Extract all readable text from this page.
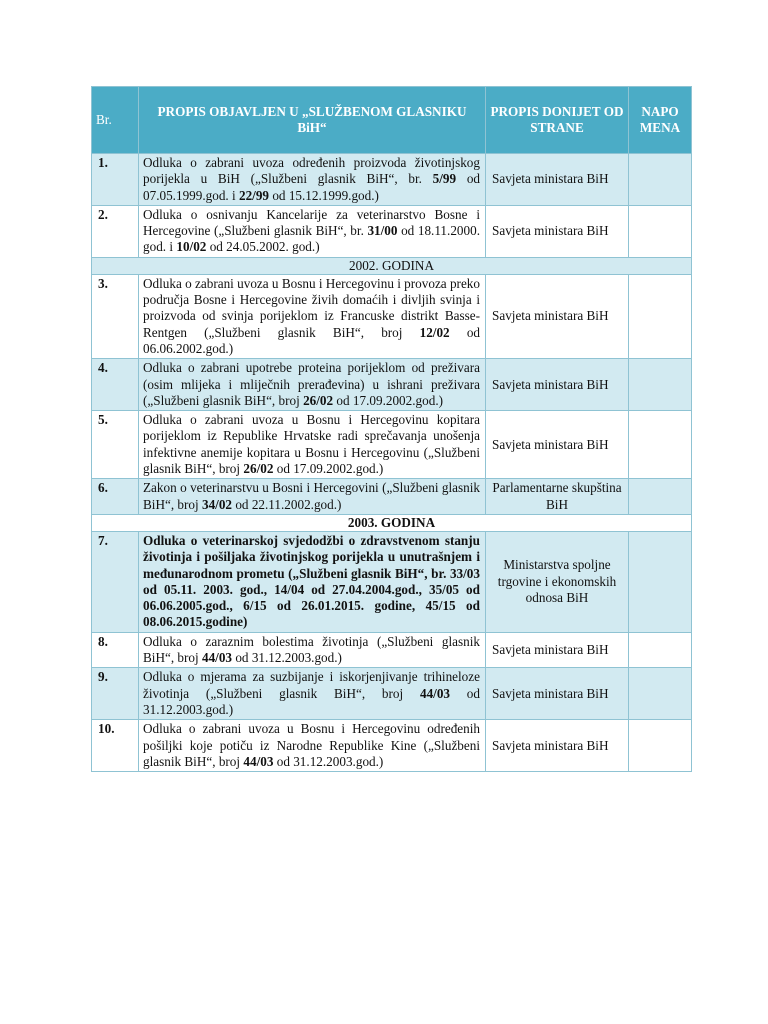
Br.	PROPIS OBJAVLJEN U „SLUŽBENOM GLASNIKU BiH“	PROPIS DONIJET OD STRANE	NAPO MENA
1.	Odluka o zabrani uvoza određenih proizvoda životinjskog porijekla u BiH („Službeni glasnik BiH“, br. 5/99 od 07.05.1999.god. i 22/99 od 15.12.1999.god.)	Savjeta ministara BiH	
2.	Odluka o osnivanju Kancelarije za veterinarstvo Bosne i Hercegovine („Službeni glasnik BiH“, br. 31/00 od 18.11.2000. god. i 10/02 od 24.05.2002. god.)	Savjeta ministara BiH	
2002. GODINA			
3.	Odluka o zabrani uvoza u Bosnu i Hercegovinu i provoza preko područja Bosne i Hercegovine živih domaćih i divljih svinja i proizvoda od svinja porijeklom iz Francuske distrikt Basse-Rentgen („Službeni glasnik BiH“, broj 12/02 od 06.06.2002.god.)	Savjeta ministara BiH	
4.	Odluka o zabrani upotrebe proteina porijeklom od preživara (osim mlijeka i mliječnih prerađevina) u ishrani preživara („Službeni glasnik BiH“, broj 26/02 od 17.09.2002.god.)	Savjeta ministara BiH	
5.	Odluka o zabrani uvoza u Bosnu i Hercegovinu kopitara porijeklom iz Republike Hrvatske radi sprečavanja unošenja infektivne anemije kopitara u Bosnu i Hercegovinu („Službeni glasnik BiH“, broj 26/02 od 17.09.2002.god.)	Savjeta ministara BiH	
6.	Zakon o veterinarstvu u Bosni i Hercegovini („Službeni glasnik BiH“, broj 34/02 od 22.11.2002.god.)	Parlamentarne skupština BiH	
2003. GODINA			
7.	Odluka o veterinarskoj svjedodžbi o zdravstvenom stanju životinja i pošiljaka životinjskog porijekla u unutrašnjem i međunarodnom prometu („Službeni glasnik BiH“, br. 33/03 od 05.11. 2003. god., 14/04 od 27.04.2004.god., 35/05 od 06.06.2005.god., 6/15 od 26.01.2015. godine, 45/15 od 08.06.2015.godine)	Ministarstva spoljne trgovine i ekonomskih odnosa BiH	
8.	Odluka o zaraznim bolestima životinja („Službeni glasnik BiH“, broj 44/03 od 31.12.2003.god.)	Savjeta ministara BiH	
9.	Odluka o mjerama za suzbijanje i iskorjenjivanje trihineloze životinja („Službeni glasnik BiH“, broj 44/03 od 31.12.2003.god.)	Savjeta ministara BiH	
10.	Odluka o zabrani uvoza u Bosnu i Hercegovinu određenih pošiljki koje potiču iz Narodne Republike Kine („Službeni glasnik BiH“, broj 44/03 od 31.12.2003.god.)	Savjeta ministara BiH	
